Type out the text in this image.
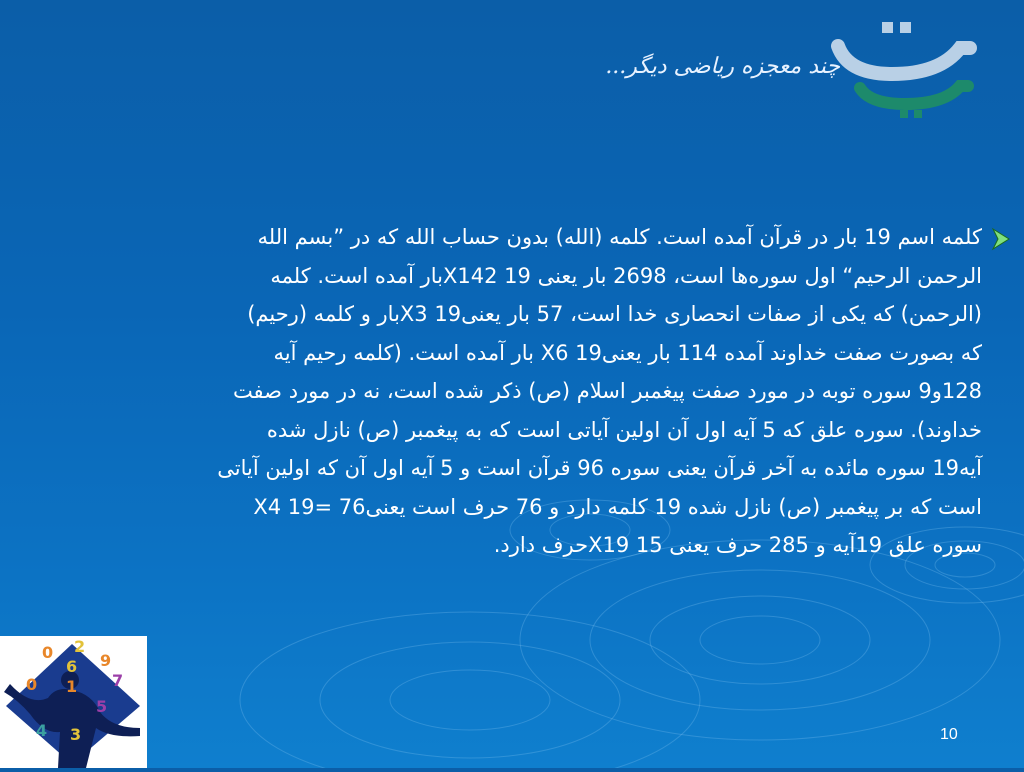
چند معجزه ریاضی دیگر...
کلمه اسم 19 بار در قرآن آمده است. کلمه (الله) بدون حساب الله که در ”بسم الله
الرحمن الرحیم“ اول سوره‌ها است، 2698 بار یعنی 19 X142بار آمده است. کلمه
(الرحمن) که یکی از صفات انحصاری خدا است، 57 بار یعنی19 X3بار و کلمه (رحیم)
که بصورت صفت خداوند آمده 114 بار یعنی19 X6 بار آمده است. (کلمه رحیم آیه
128و9 سوره توبه در مورد صفت پیغمبر اسلام (ص) ذکر شده است، نه در مورد صفت
خداوند). سوره علق که 5 آیه اول آن اولین آیاتی است که به پیغمبر (ص) نازل شده
آیه19 سوره مائده به آخر قرآن یعنی سوره 96 قرآن است و 5 آیه اول آن که اولین آیاتی
است که بر پیغمبر (ص) نازل شده 19 کلمه دارد و 76 حرف است یعنی76 =19 X4
سوره علق 19آیه و 285 حرف یعنی 15 X19حرف دارد.
0 2
9
6
0 1 7
5
4 3	10
